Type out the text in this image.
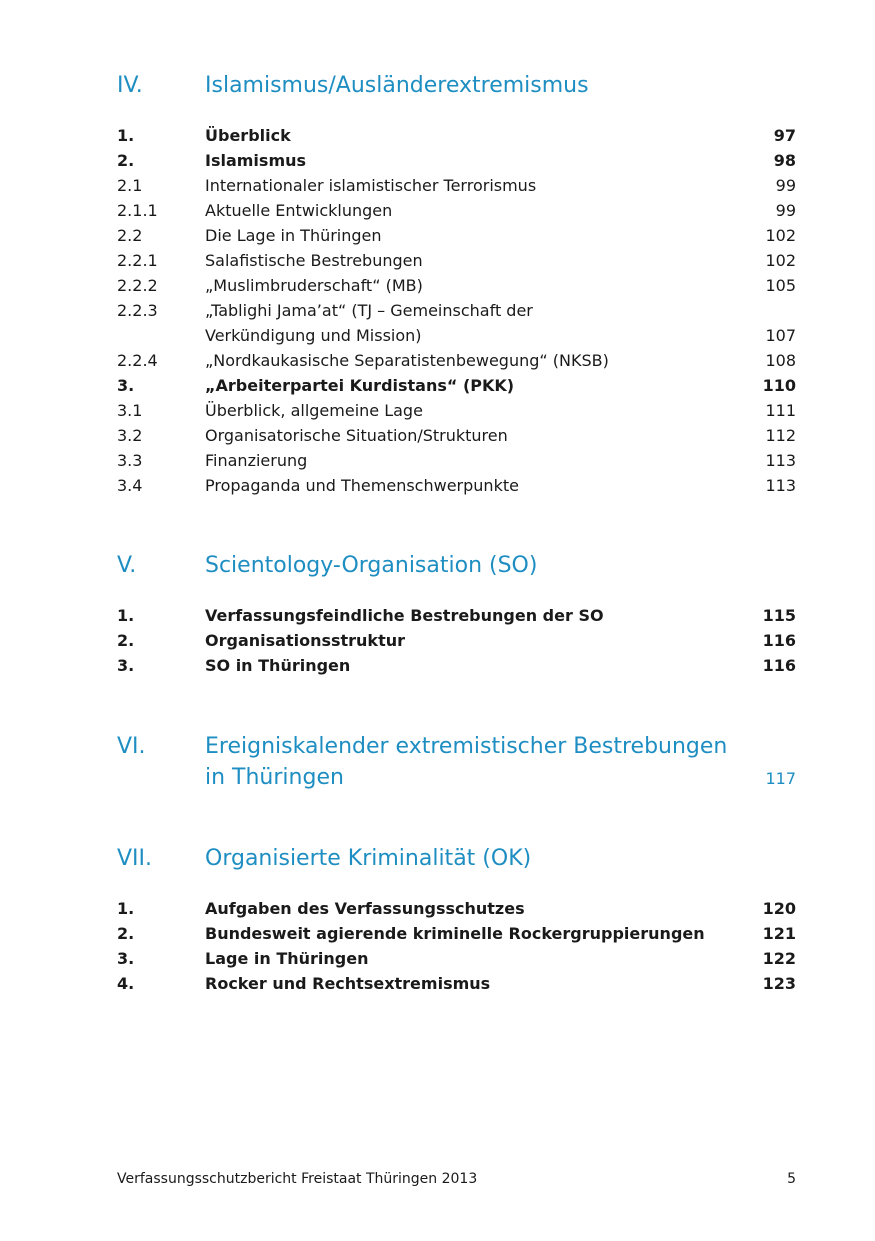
IV.	Islamismus/Ausländerextremismus
1.	Überblick	97
2.	Islamismus	98
2.1	Internationaler islamistischer Terrorismus	99
2.1.1	Aktuelle Entwicklungen	99
2.2	Die Lage in Thüringen	102
2.2.1	Salafistische Bestrebungen	102
2.2.2	„Muslimbruderschaft“ (MB)	105
2.2.3	„Tablighi Jama’at“ (TJ – Gemeinschaft der
Verkündigung und Mission)	107
2.2.4	„Nordkaukasische Separatistenbewegung“ (NKSB)	108
3.	„Arbeiterpartei Kurdistans“ (PKK)	110
3.1	Überblick, allgemeine Lage	111
3.2	Organisatorische Situation/Strukturen	112
3.3	Finanzierung	113
3.4	Propaganda und Themenschwerpunkte	113
V.	Scientology-Organisation (SO)
1.	Verfassungsfeindliche Bestrebungen der SO	115
2.	Organisationsstruktur	116
3.	SO in Thüringen	116
VI.	Ereigniskalender extremistischer Bestrebungen
in Thüringen	117
VII.	Organisierte Kriminalität (OK)
1.	Aufgaben des Verfassungsschutzes	120
2.	Bundesweit agierende kriminelle Rockergruppierungen	121
3.	Lage in Thüringen	122
4.	Rocker und Rechtsextremismus	123
Verfassungsschutzbericht Freistaat Thüringen 2013	5
